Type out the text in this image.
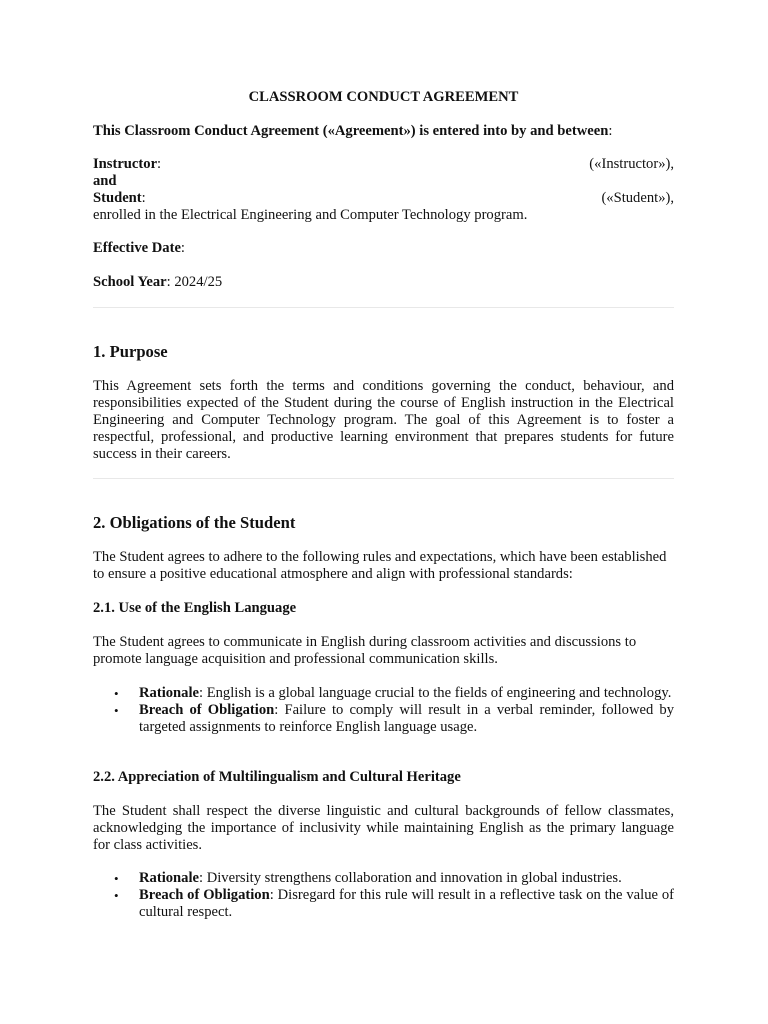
CLASSROOM CONDUCT AGREEMENT
This Classroom Conduct Agreement («Agreement») is entered into by and between:
Instructor:	(«Instructor»),
and
Student:	(«Student»),
enrolled in the Electrical Engineering and Computer Technology program.
Effective Date:
School Year: 2024/25
1. Purpose

This Agreement sets forth the terms and conditions governing the conduct, behaviour, and responsibilities expected of the Student during the course of English instruction in the Electrical Engineering and Computer Technology program. The goal of this Agreement is to foster a respectful, professional, and productive learning environment that prepares students for future success in their careers.

2. Obligations of the Student

The Student agrees to adhere to the following rules and expectations, which have been established to ensure a positive educational atmosphere and align with professional standards:

2.1. Use of the English Language

The Student agrees to communicate in English during classroom activities and discussions to promote language acquisition and professional communication skills.

• Rationale: English is a global language crucial to the fields of engineering and technology.
• Breach of Obligation: Failure to comply will result in a verbal reminder, followed by targeted assignments to reinforce English language usage.
2.2. Appreciation of Multilingualism and Cultural Heritage

The Student shall respect the diverse linguistic and cultural backgrounds of fellow classmates, acknowledging the importance of inclusivity while maintaining English as the primary language for class activities.

• Rationale: Diversity strengthens collaboration and innovation in global industries.
• Breach of Obligation: Disregard for this rule will result in a reflective task on the value of cultural respect.
